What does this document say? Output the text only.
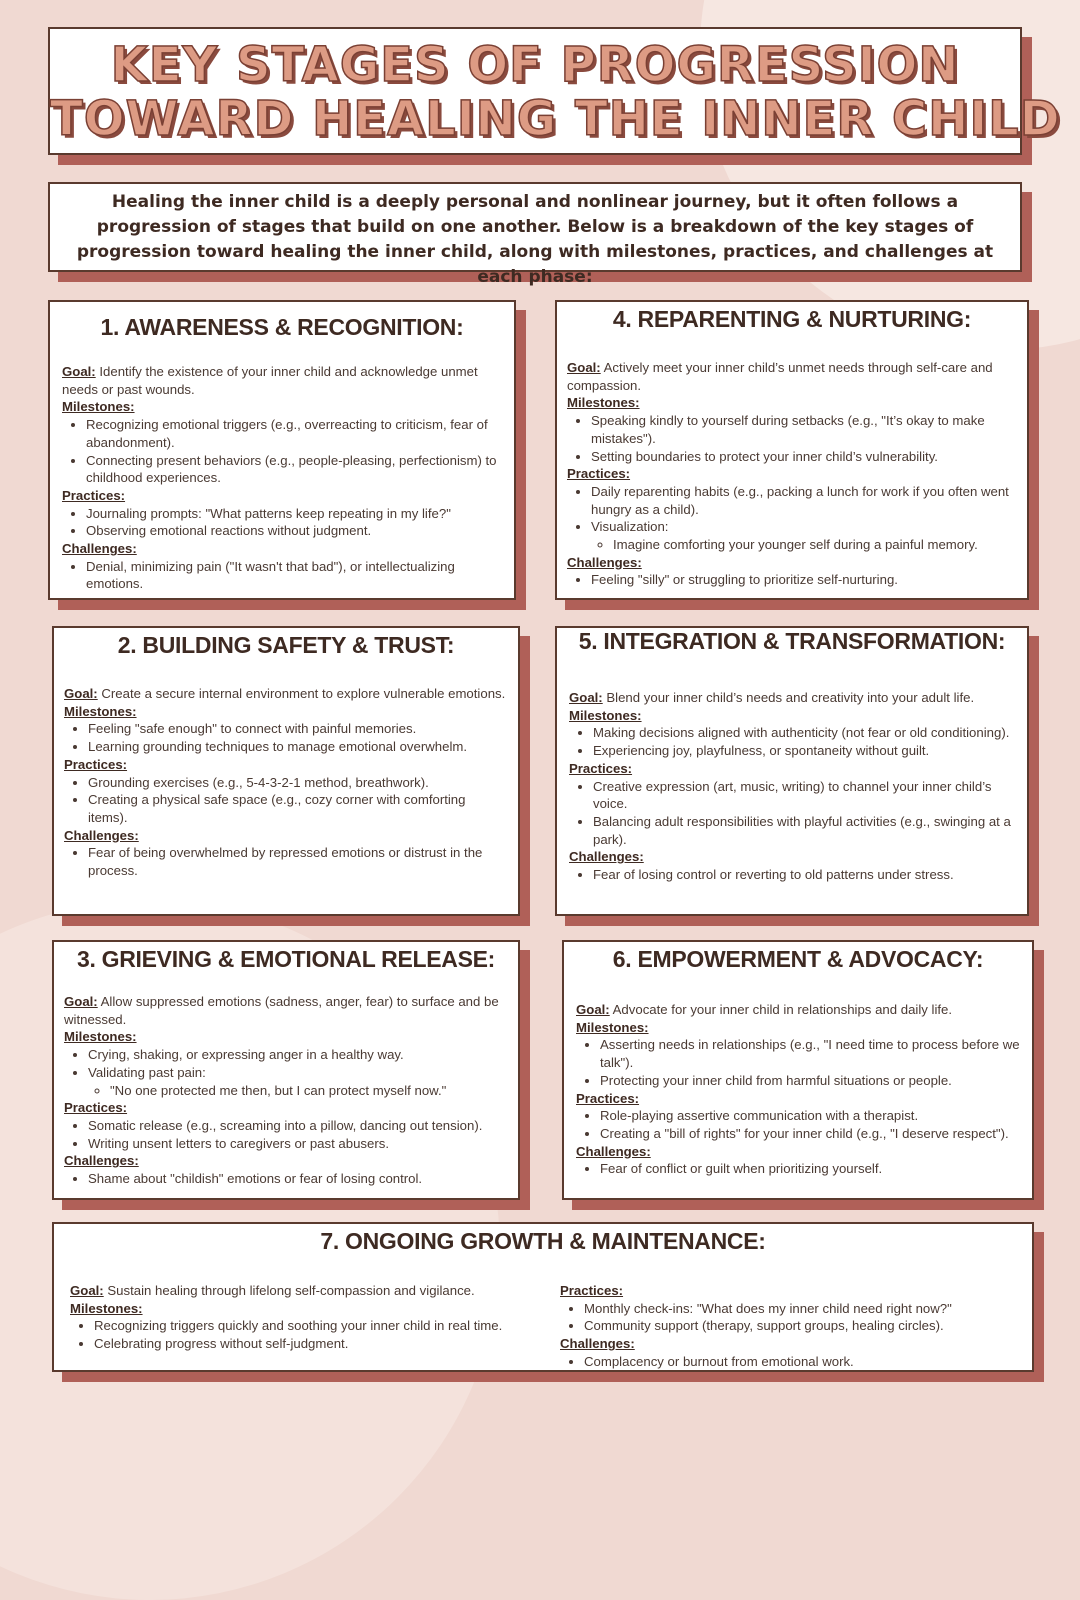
KEY STAGES OF PROGRESSION
TOWARD HEALING THE INNER CHILD

Healing the inner child is a deeply personal and nonlinear journey, but it often follows a progression of stages that build on one another. Below is a breakdown of the key stages of progression toward healing the inner child, along with milestones, practices, and challenges at each phase:

1. AWARENESS & RECOGNITION:
Goal: Identify the existence of your inner child and acknowledge unmet needs or past wounds.
Milestones:
• Recognizing emotional triggers (e.g., overreacting to criticism, fear of abandonment).
• Connecting present behaviors (e.g., people-pleasing, perfectionism) to childhood experiences.
Practices:
• Journaling prompts: "What patterns keep repeating in my life?"
• Observing emotional reactions without judgment.
Challenges:
• Denial, minimizing pain ("It wasn't that bad"), or intellectualizing emotions.
4. REPARENTING & NURTURING:
Goal: Actively meet your inner child’s unmet needs through self-care and compassion.
Milestones:
• Speaking kindly to yourself during setbacks (e.g., "It’s okay to make mistakes").
• Setting boundaries to protect your inner child’s vulnerability.
Practices:
• Daily reparenting habits (e.g., packing a lunch for work if you often went hungry as a child).
• Visualization:
◦ Imagine comforting your younger self during a painful memory.
Challenges:
• Feeling "silly" or struggling to prioritize self-nurturing.
2. BUILDING SAFETY & TRUST:
Goal: Create a secure internal environment to explore vulnerable emotions.
Milestones:
• Feeling "safe enough" to connect with painful memories.
• Learning grounding techniques to manage emotional overwhelm.
Practices:
• Grounding exercises (e.g., 5-4-3-2-1 method, breathwork).
• Creating a physical safe space (e.g., cozy corner with comforting items).
Challenges:
• Fear of being overwhelmed by repressed emotions or distrust in the process.
5. INTEGRATION & TRANSFORMATION:
Goal: Blend your inner child’s needs and creativity into your adult life.
Milestones:
• Making decisions aligned with authenticity (not fear or old conditioning).
• Experiencing joy, playfulness, or spontaneity without guilt.
Practices:
• Creative expression (art, music, writing) to channel your inner child’s voice.
• Balancing adult responsibilities with playful activities (e.g., swinging at a park).
Challenges:
• Fear of losing control or reverting to old patterns under stress.
3. GRIEVING & EMOTIONAL RELEASE:
Goal: Allow suppressed emotions (sadness, anger, fear) to surface and be witnessed.
Milestones:
• Crying, shaking, or expressing anger in a healthy way.
• Validating past pain:
◦ "No one protected me then, but I can protect myself now."
Practices:
• Somatic release (e.g., screaming into a pillow, dancing out tension).
• Writing unsent letters to caregivers or past abusers.
Challenges:
• Shame about "childish" emotions or fear of losing control.
6. EMPOWERMENT & ADVOCACY:
Goal: Advocate for your inner child in relationships and daily life.
Milestones:
• Asserting needs in relationships (e.g., "I need time to process before we talk").
• Protecting your inner child from harmful situations or people.
Practices:
• Role-playing assertive communication with a therapist.
• Creating a "bill of rights" for your inner child (e.g., "I deserve respect").
Challenges:
• Fear of conflict or guilt when prioritizing yourself.
7. ONGOING GROWTH & MAINTENANCE:
Goal: Sustain healing through lifelong self-compassion and vigilance.
Milestones:
• Recognizing triggers quickly and soothing your inner child in real time.
• Celebrating progress without self-judgment.
Practices:
• Monthly check-ins: "What does my inner child need right now?"
• Community support (therapy, support groups, healing circles).
Challenges:
• Complacency or burnout from emotional work.
